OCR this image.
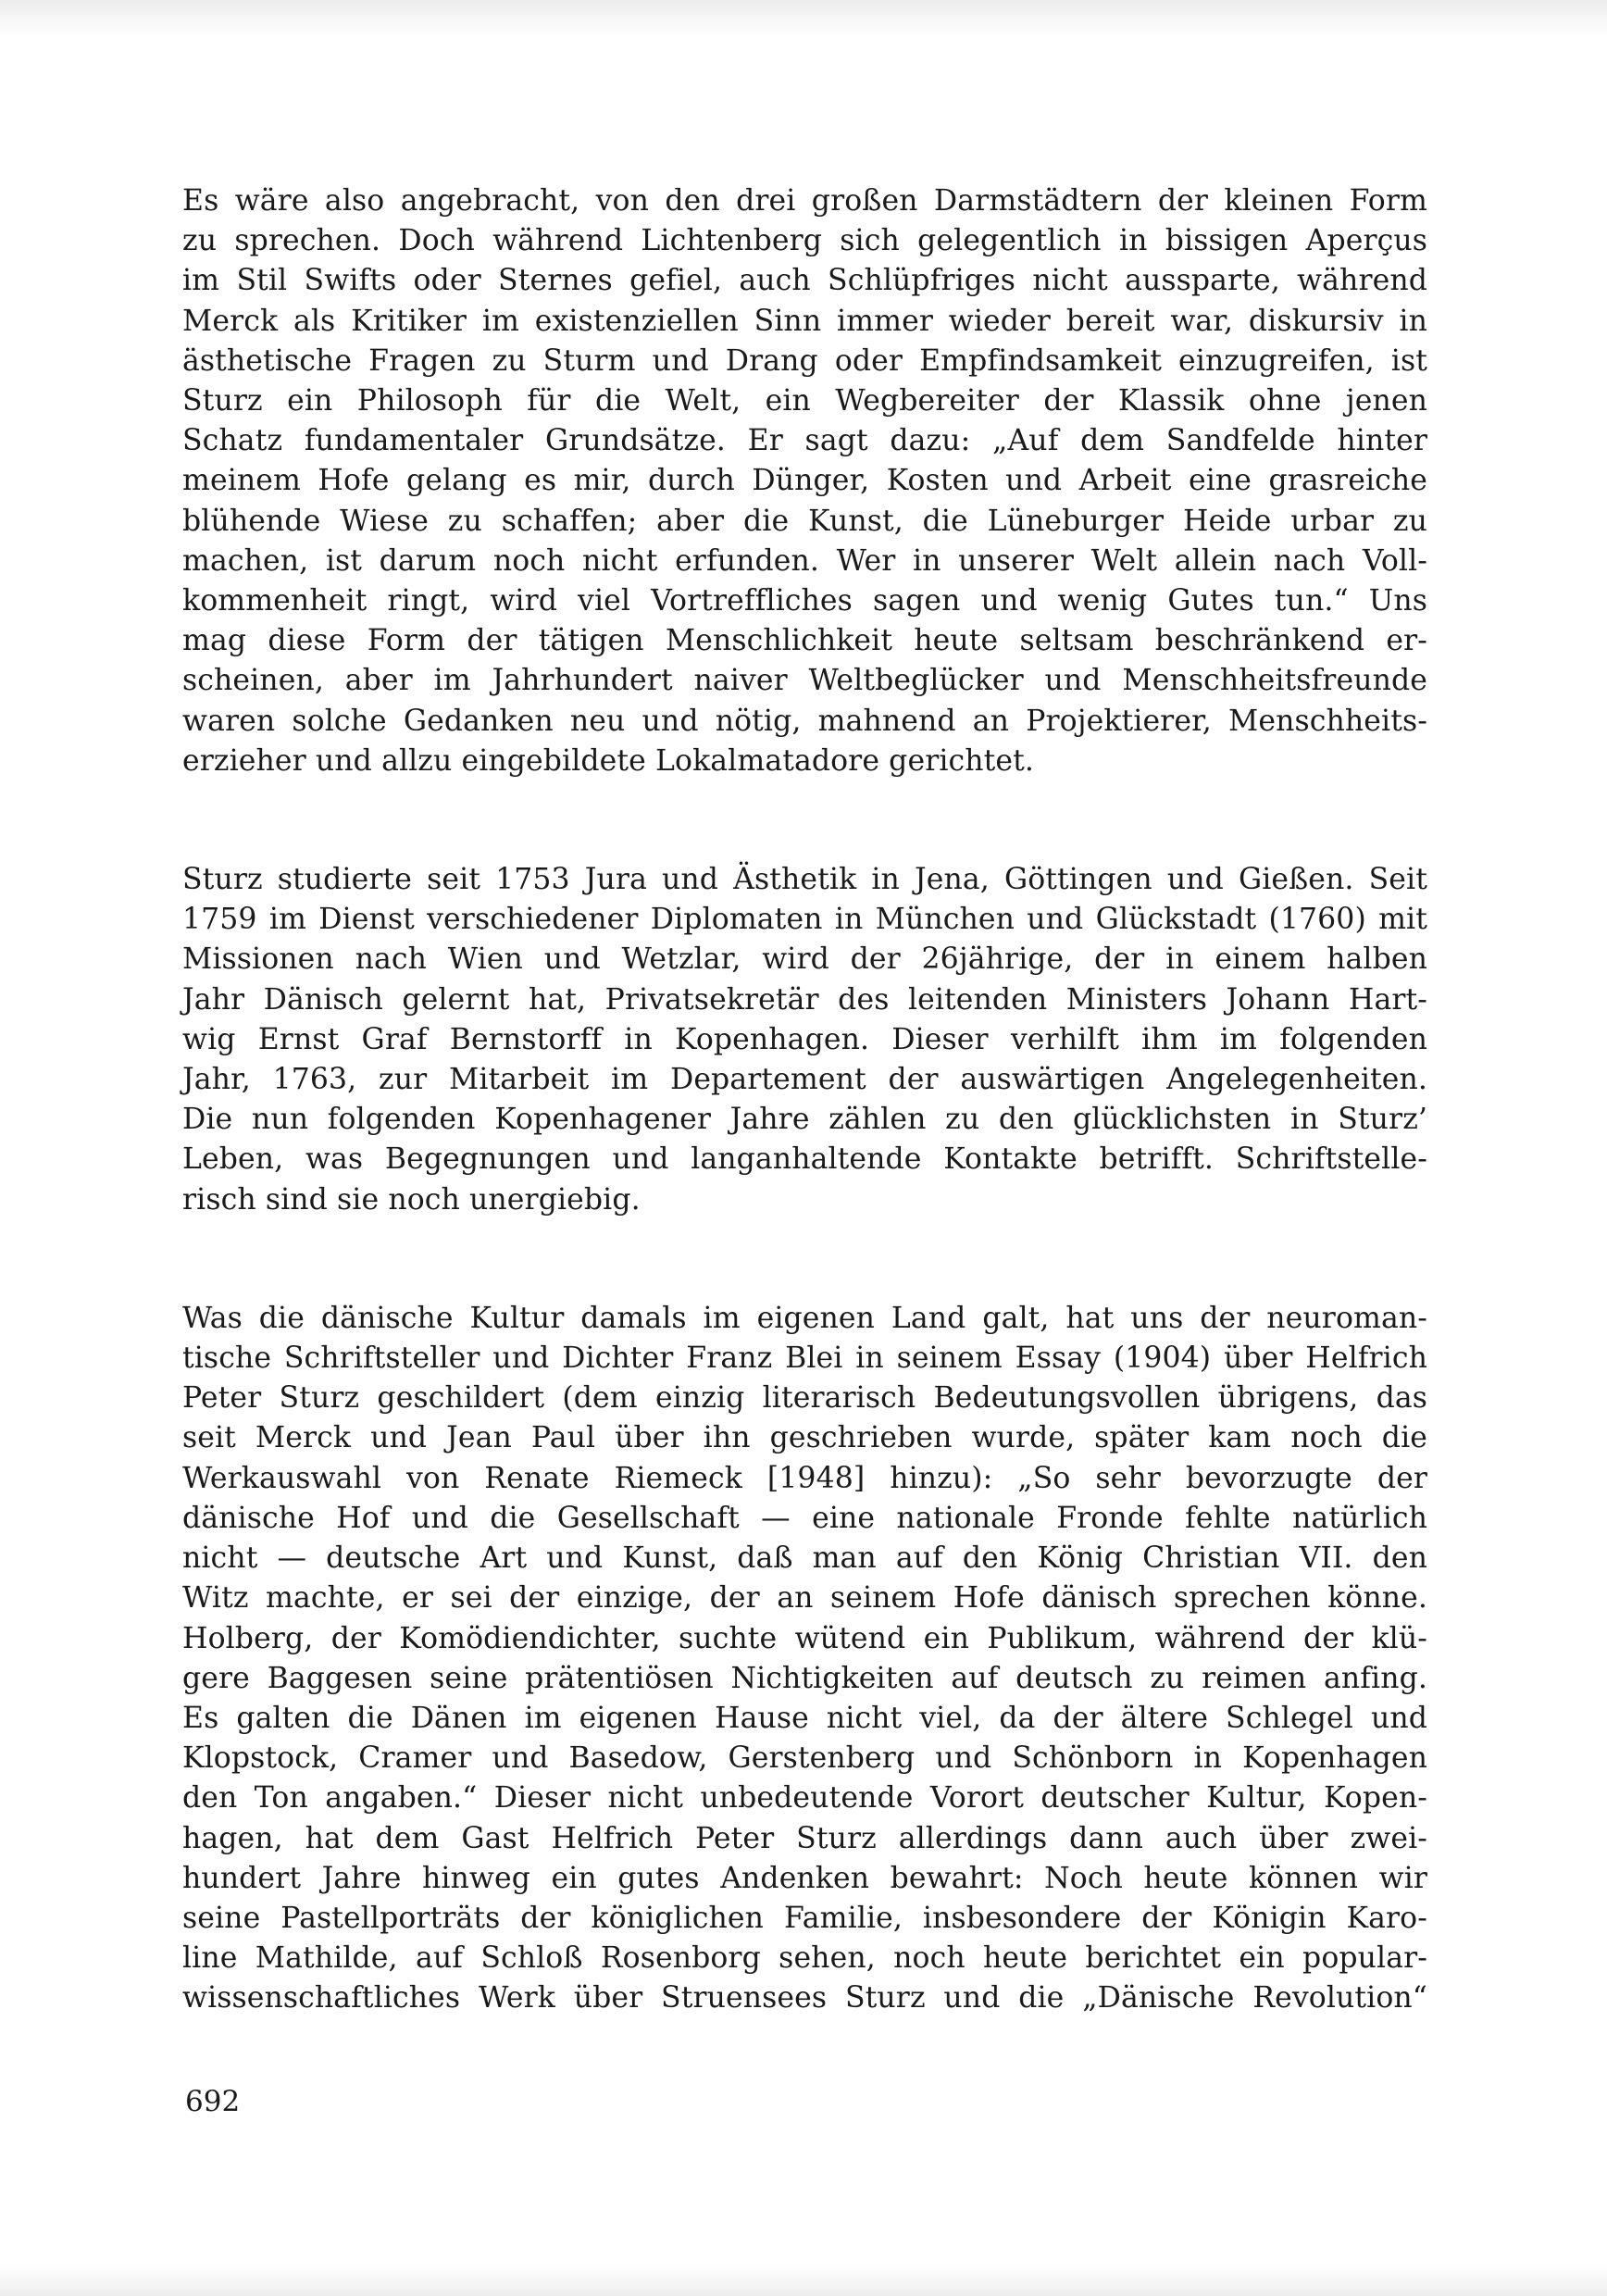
Es wäre also angebracht, von den drei großen Darmstädtern der kleinen Form
zu sprechen. Doch während Lichtenberg sich gelegentlich in bissigen Aperçus
im Stil Swifts oder Sternes gefiel, auch Schlüpfriges nicht aussparte, während
Merck als Kritiker im existenziellen Sinn immer wieder bereit war, diskursiv in
ästhetische Fragen zu Sturm und Drang oder Empfindsamkeit einzugreifen, ist
Sturz ein Philosoph für die Welt, ein Wegbereiter der Klassik ohne jenen
Schatz fundamentaler Grundsätze. Er sagt dazu: „Auf dem Sandfelde hinter
meinem Hofe gelang es mir, durch Dünger, Kosten und Arbeit eine grasreiche
blühende Wiese zu schaffen; aber die Kunst, die Lüneburger Heide urbar zu
machen, ist darum noch nicht erfunden. Wer in unserer Welt allein nach Voll-
kommenheit ringt, wird viel Vortreffliches sagen und wenig Gutes tun.“ Uns
mag diese Form der tätigen Menschlichkeit heute seltsam beschränkend er-
scheinen, aber im Jahrhundert naiver Weltbeglücker und Menschheitsfreunde
waren solche Gedanken neu und nötig, mahnend an Projektierer, Menschheits-
erzieher und allzu eingebildete Lokalmatadore gerichtet.

Sturz studierte seit 1753 Jura und Ästhetik in Jena, Göttingen und Gießen. Seit
1759 im Dienst verschiedener Diplomaten in München und Glückstadt (1760) mit
Missionen nach Wien und Wetzlar, wird der 26jährige, der in einem halben
Jahr Dänisch gelernt hat, Privatsekretär des leitenden Ministers Johann Hart-
wig Ernst Graf Bernstorff in Kopenhagen. Dieser verhilft ihm im folgenden
Jahr, 1763, zur Mitarbeit im Departement der auswärtigen Angelegenheiten.
Die nun folgenden Kopenhagener Jahre zählen zu den glücklichsten in Sturz’
Leben, was Begegnungen und langanhaltende Kontakte betrifft. Schriftstelle-
risch sind sie noch unergiebig.

Was die dänische Kultur damals im eigenen Land galt, hat uns der neuroman-
tische Schriftsteller und Dichter Franz Blei in seinem Essay (1904) über Helfrich
Peter Sturz geschildert (dem einzig literarisch Bedeutungsvollen übrigens, das
seit Merck und Jean Paul über ihn geschrieben wurde, später kam noch die
Werkauswahl von Renate Riemeck [1948] hinzu): „So sehr bevorzugte der
dänische Hof und die Gesellschaft — eine nationale Fronde fehlte natürlich
nicht — deutsche Art und Kunst, daß man auf den König Christian VII. den
Witz machte, er sei der einzige, der an seinem Hofe dänisch sprechen könne.
Holberg, der Komödiendichter, suchte wütend ein Publikum, während der klü-
gere Baggesen seine prätentiösen Nichtigkeiten auf deutsch zu reimen anfing.
Es galten die Dänen im eigenen Hause nicht viel, da der ältere Schlegel und
Klopstock, Cramer und Basedow, Gerstenberg und Schönborn in Kopenhagen
den Ton angaben.“ Dieser nicht unbedeutende Vorort deutscher Kultur, Kopen-
hagen, hat dem Gast Helfrich Peter Sturz allerdings dann auch über zwei-
hundert Jahre hinweg ein gutes Andenken bewahrt: Noch heute können wir
seine Pastellporträts der königlichen Familie, insbesondere der Königin Karo-
line Mathilde, auf Schloß Rosenborg sehen, noch heute berichtet ein popular-
wissenschaftliches Werk über Struensees Sturz und die „Dänische Revolution“

692
